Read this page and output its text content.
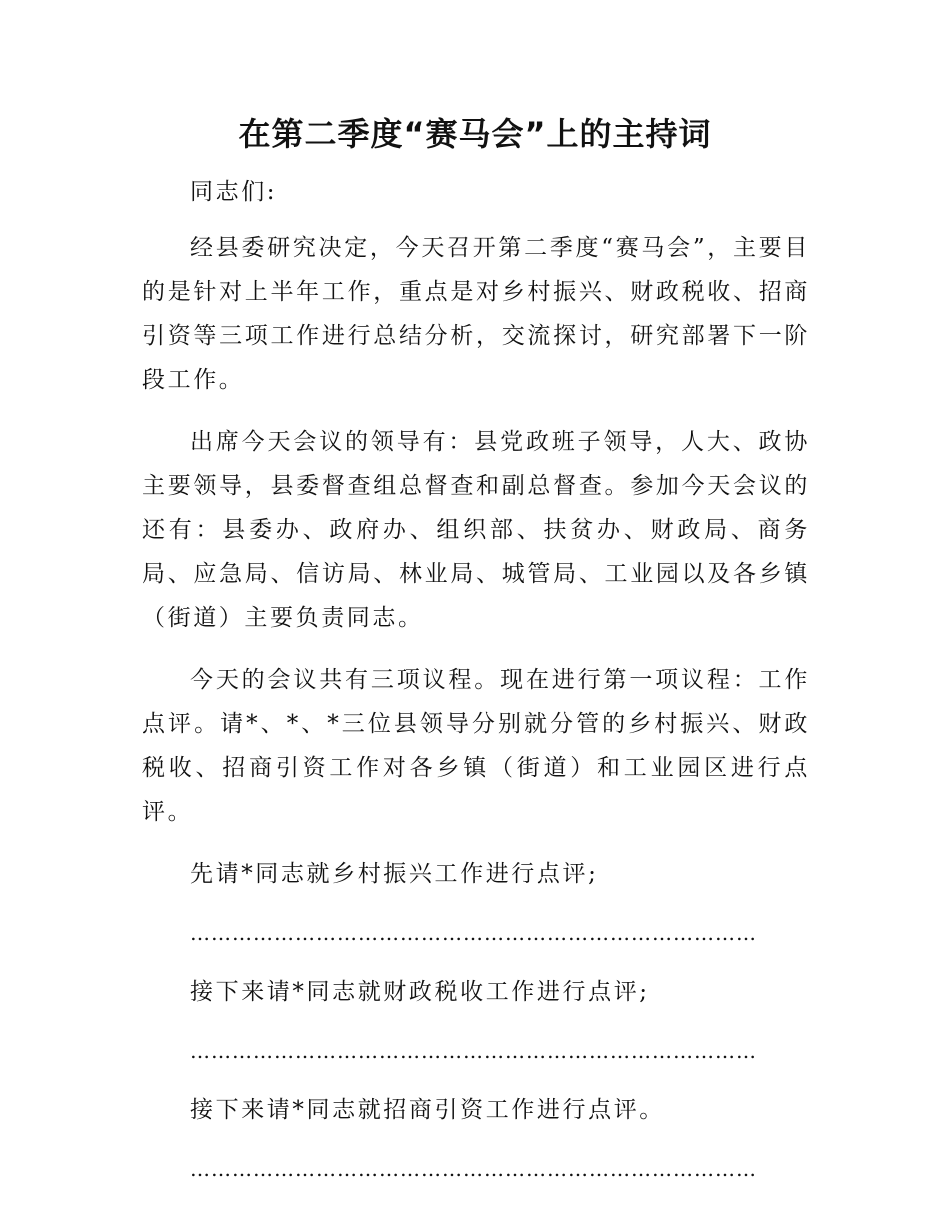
在第二季度“赛马会”上的主持词

同志们:

经县委研究决定，今天召开第二季度“赛马会”，主要目的是针对上半年工作，重点是对乡村振兴、财政税收、招商引资等三项工作进行总结分析，交流探讨，研究部署下一阶段工作。

出席今天会议的领导有：县党政班子领导，人大、政协主要领导，县委督查组总督查和副总督查。参加今天会议的还有：县委办、政府办、组织部、扶贫办、财政局、商务局、应急局、信访局、林业局、城管局、工业园以及各乡镇（街道）主要负责同志。

今天的会议共有三项议程。现在进行第一项议程：工作点评。请*、*、*三位县领导分别就分管的乡村振兴、财政税收、招商引资工作对各乡镇（街道）和工业园区进行点评。

先请*同志就乡村振兴工作进行点评;

………………………………………………………………………

接下来请*同志就财政税收工作进行点评;

………………………………………………………………………

接下来请*同志就招商引资工作进行点评。

………………………………………………………………………
